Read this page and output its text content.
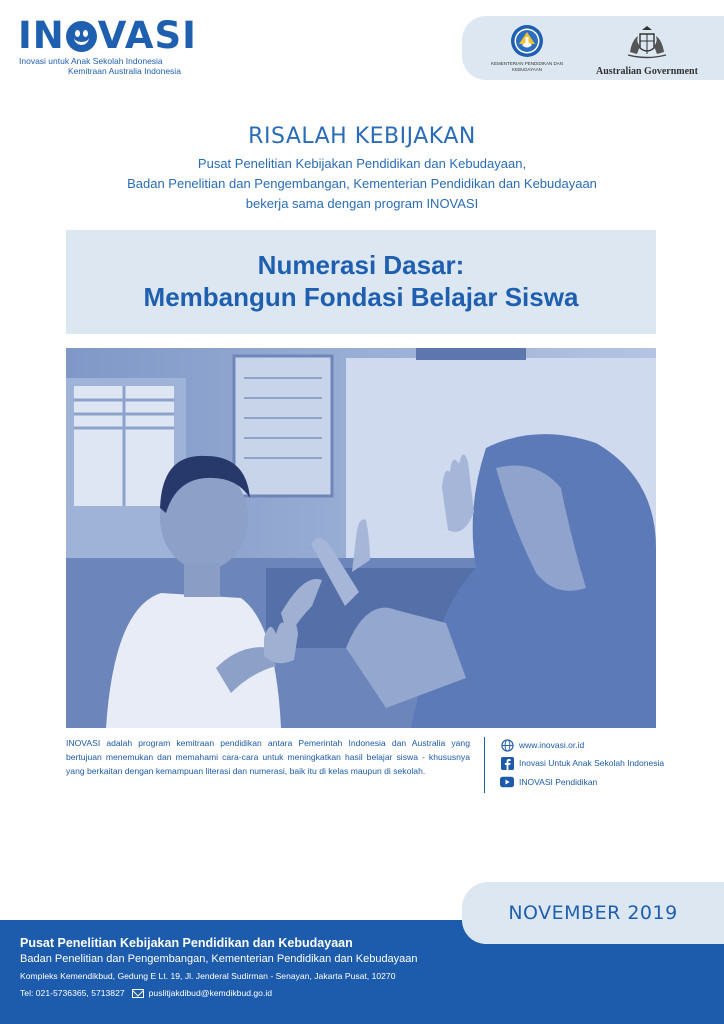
IN VASI
Inovasi untuk Anak Sekolah Indonesia
Kemitraan Australia Indonesia
KEMENTERIAN PENDIDIKAN DAN KEBUDAYAAN	Australian Government
RISALAH KEBIJAKAN
Pusat Penelitian Kebijakan Pendidikan dan Kebudayaan,
Badan Penelitian dan Pengembangan, Kementerian Pendidikan dan Kebudayaan
bekerja sama dengan program INOVASI
Numerasi Dasar:
Membangun Fondasi Belajar Siswa

INOVASI adalah program kemitraan pendidikan antara Pemerintah Indonesia dan Australia yang bertujuan menemukan dan memahami cara-cara untuk meningkatkan hasil belajar siswa - khususnya yang berkaitan dengan kemampuan literasi dan numerasi, baik itu di kelas maupun di sekolah.

www.inovasi.or.id
Inovasi Untuk Anak Sekolah Indonesia
INOVASI Pendidikan
Pusat Penelitian Kebijakan Pendidikan dan Kebudayaan
Badan Penelitian dan Pengembangan, Kementerian Pendidikan dan Kebudayaan
Kompleks Kemendikbud, Gedung E Lt. 19, Jl. Jenderal Sudirman - Senayan, Jakarta Pusat, 10270
Tel: 021-5736365, 5713827	puslitjakdibud@kemdikbud.go.id
NOVEMBER 2019
